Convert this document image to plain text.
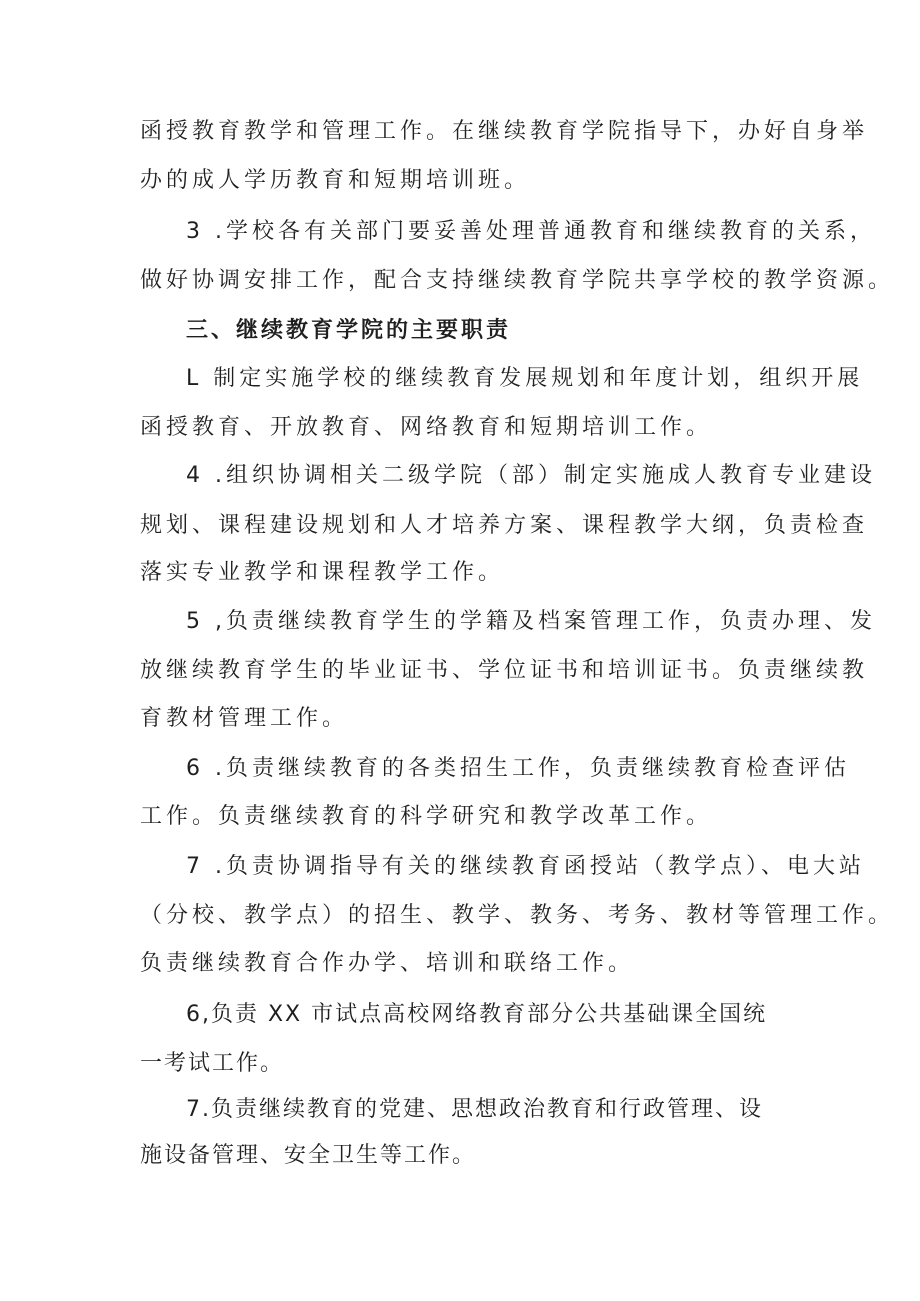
函授教育教学和管理工作。在继续教育学院指导下，办好自身举
办的成人学历教育和短期培训班。
3 .学校各有关部门要妥善处理普通教育和继续教育的关系，
做好协调安排工作，配合支持继续教育学院共享学校的教学资源。
三、继续教育学院的主要职责
L 制定实施学校的继续教育发展规划和年度计划，组织开展
函授教育、开放教育、网络教育和短期培训工作。
4 .组织协调相关二级学院（部）制定实施成人教育专业建设
规划、课程建设规划和人才培养方案、课程教学大纲，负责检查
落实专业教学和课程教学工作。
5 ,负责继续教育学生的学籍及档案管理工作，负责办理、发
放继续教育学生的毕业证书、学位证书和培训证书。负责继续教
育教材管理工作。
6 .负责继续教育的各类招生工作，负责继续教育检查评估
工作。负责继续教育的科学研究和教学改革工作。
7 .负责协调指导有关的继续教育函授站（教学点）、电大站
（分校、教学点）的招生、教学、教务、考务、教材等管理工作。
负责继续教育合作办学、培训和联络工作。
6,负责 XX 市试点高校网络教育部分公共基础课全国统
一考试工作。
7.负责继续教育的党建、思想政治教育和行政管理、设
施设备管理、安全卫生等工作。
